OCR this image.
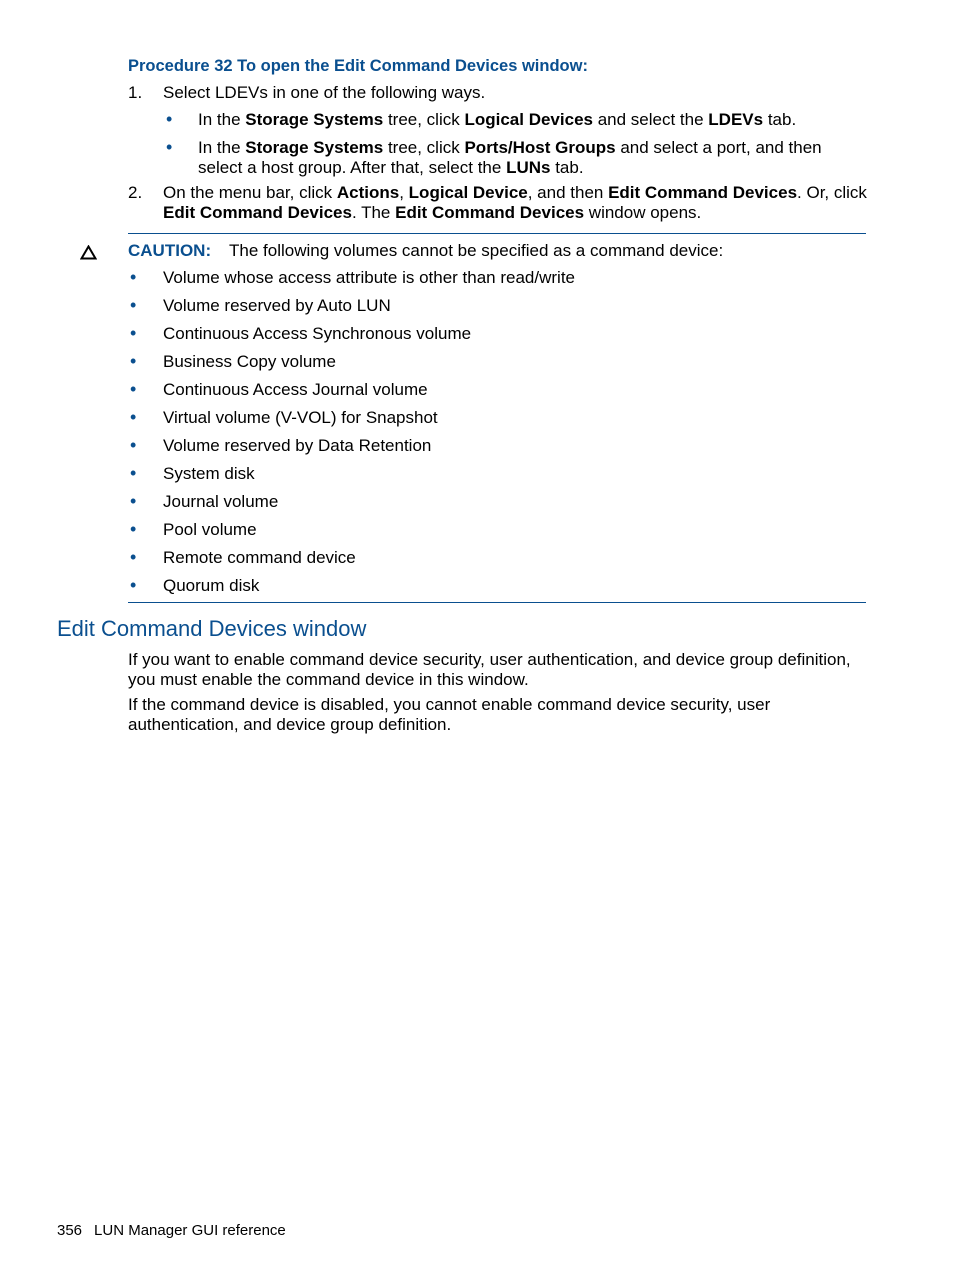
Procedure 32 To open the Edit Command Devices window:
1. Select LDEVs in one of the following ways.
• In the Storage Systems tree, click Logical Devices and select the LDEVs tab.
• In the Storage Systems tree, click Ports/Host Groups and select a port, and then select a host group. After that, select the LUNs tab.
2. On the menu bar, click Actions, Logical Device, and then Edit Command Devices. Or, click Edit Command Devices. The Edit Command Devices window opens.
CAUTION: The following volumes cannot be specified as a command device:
• Volume whose access attribute is other than read/write
• Volume reserved by Auto LUN
• Continuous Access Synchronous volume
• Business Copy volume
• Continuous Access Journal volume
• Virtual volume (V-VOL) for Snapshot
• Volume reserved by Data Retention
• System disk
• Journal volume
• Pool volume
• Remote command device
• Quorum disk
Edit Command Devices window
If you want to enable command device security, user authentication, and device group definition, you must enable the command device in this window.
If the command device is disabled, you cannot enable command device security, user authentication, and device group definition.
356 LUN Manager GUI reference
